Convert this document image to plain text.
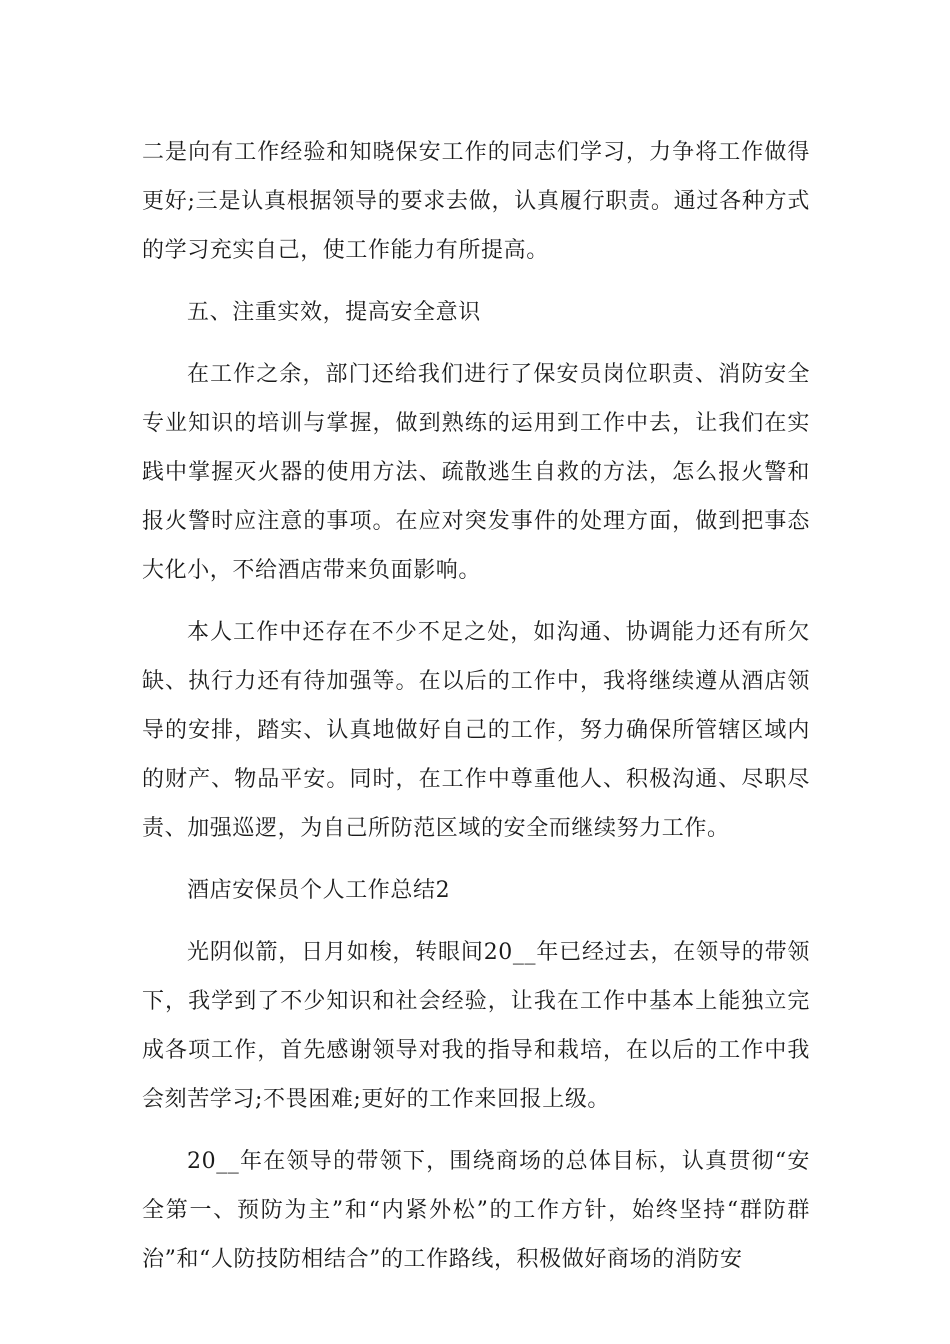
二是向有工作经验和知晓保安工作的同志们学习，力争将工作做得更好;三是认真根据领导的要求去做，认真履行职责。通过各种方式的学习充实自己，使工作能力有所提高。

五、注重实效，提高安全意识

在工作之余，部门还给我们进行了保安员岗位职责、消防安全专业知识的培训与掌握，做到熟练的运用到工作中去，让我们在实践中掌握灭火器的使用方法、疏散逃生自救的方法，怎么报火警和报火警时应注意的事项。在应对突发事件的处理方面，做到把事态大化小，不给酒店带来负面影响。

本人工作中还存在不少不足之处，如沟通、协调能力还有所欠缺、执行力还有待加强等。在以后的工作中，我将继续遵从酒店领导的安排，踏实、认真地做好自己的工作，努力确保所管辖区域内的财产、物品平安。同时，在工作中尊重他人、积极沟通、尽职尽责、加强巡逻，为自己所防范区域的安全而继续努力工作。

酒店安保员个人工作总结2

光阴似箭，日月如梭，转眼间20__年已经过去，在领导的带领下，我学到了不少知识和社会经验，让我在工作中基本上能独立完成各项工作，首先感谢领导对我的指导和栽培，在以后的工作中我会刻苦学习;不畏困难;更好的工作来回报上级。

20__年在领导的带领下，围绕商场的总体目标，认真贯彻“安全第一、预防为主”和“内紧外松”的工作方针，始终坚持“群防群治”和“人防技防相结合”的工作路线，积极做好商场的消防安
